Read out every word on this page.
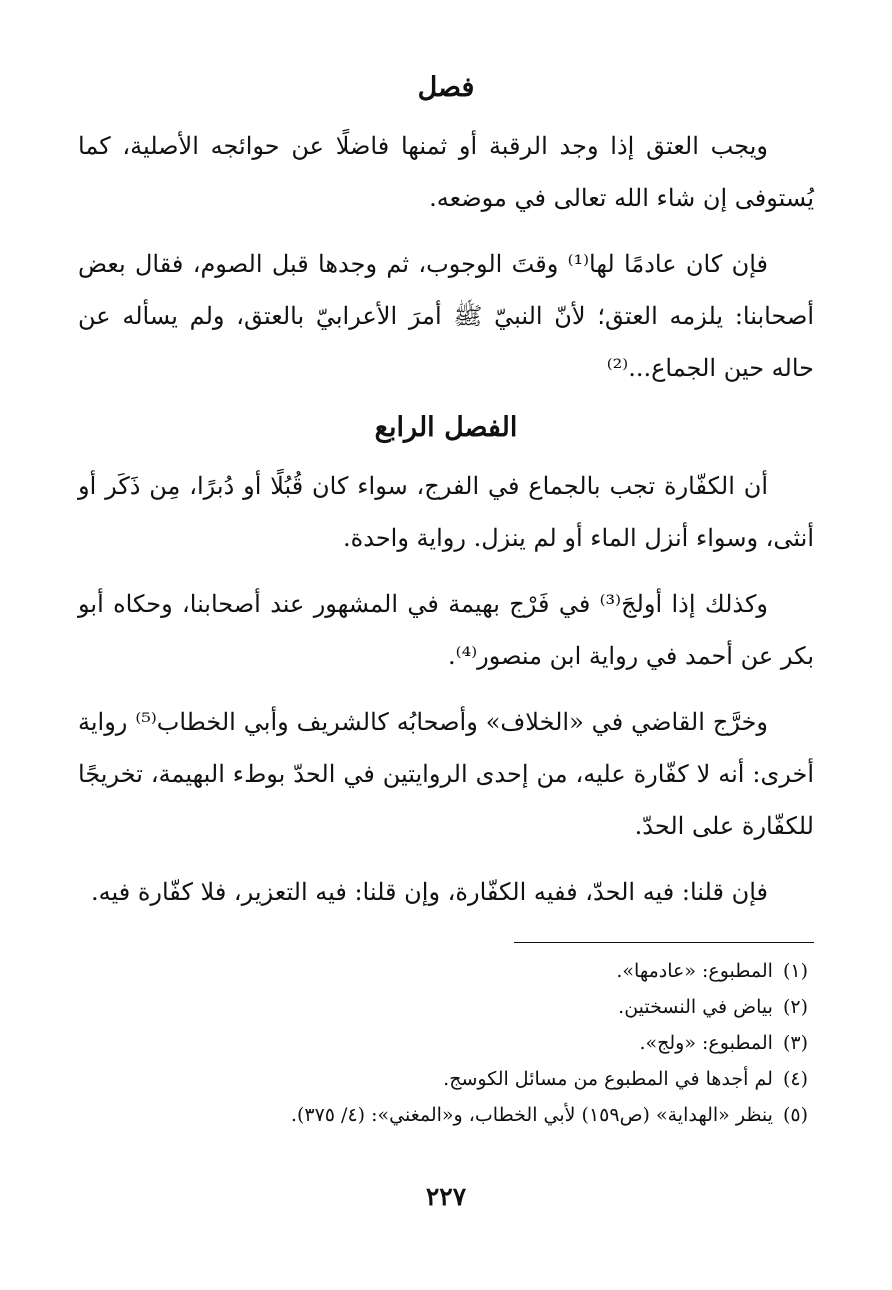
فصل

ويجب العتق إذا وجد الرقبة أو ثمنها فاضلًا عن حوائجه الأصلية، كما يُستوفى إن شاء الله تعالى في موضعه.

فإن كان عادمًا لها⁽¹⁾ وقتَ الوجوب، ثم وجدها قبل الصوم، فقال بعض أصحابنا: يلزمه العتق؛ لأنّ النبيّ ﷺ أمرَ الأعرابيّ بالعتق، ولم يسأله عن حاله حين الجماع...⁽²⁾

الفصل الرابع

أن الكفّارة تجب بالجماع في الفرج، سواء كان قُبُلًا أو دُبرًا، مِن ذَكَر أو أنثى، وسواء أنزل الماء أو لم ينزل. رواية واحدة.

وكذلك إذا أولجَ⁽³⁾ في فَرْج بهيمة في المشهور عند أصحابنا، وحكاه أبو بكر عن أحمد في رواية ابن منصور⁽⁴⁾.

وخرَّج القاضي في «الخلاف» وأصحابُه كالشريف وأبي الخطاب⁽⁵⁾ رواية أخرى: أنه لا كفّارة عليه، من إحدى الروايتين في الحدّ بوطء البهيمة، تخريجًا للكفّارة على الحدّ.

فإن قلنا: فيه الحدّ، ففيه الكفّارة، وإن قلنا: فيه التعزير، فلا كفّارة فيه.

(١)المطبوع: «عادمها».
(٢)بياض في النسختين.
(٣)المطبوع: «ولج».
(٤)لم أجدها في المطبوع من مسائل الكوسج.
(٥)ينظر «الهداية» (ص١٥٩) لأبي الخطاب، و«المغني»: (٤/ ٣٧٥).
٢٢٧
